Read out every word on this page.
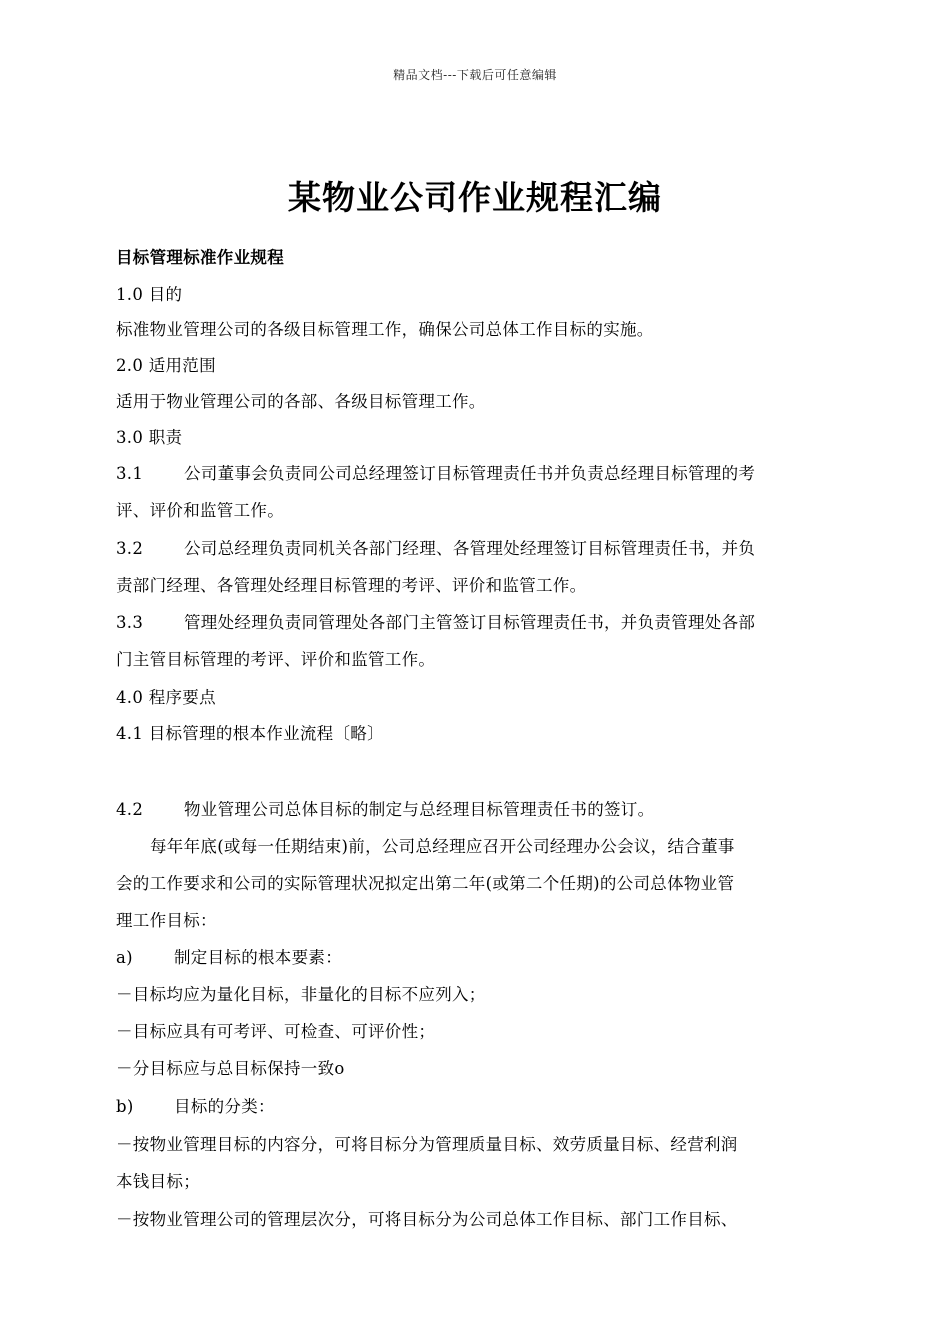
精品文档---下载后可任意编辑
某物业公司作业规程汇编
目标管理标准作业规程
1.0 目的
标准物业管理公司的各级目标管理工作，确保公司总体工作目标的实施。
2.0 适用范围
适用于物业管理公司的各部、各级目标管理工作。
3.0 职责
3.1 公司董事会负责同公司总经理签订目标管理责任书并负责总经理目标管理的考
评、评价和监管工作。
3.2 公司总经理负责同机关各部门经理、各管理处经理签订目标管理责任书，并负
责部门经理、各管理处经理目标管理的考评、评价和监管工作。
3.3 管理处经理负责同管理处各部门主管签订目标管理责任书，并负责管理处各部
门主管目标管理的考评、评价和监管工作。
4.0 程序要点
4.1 目标管理的根本作业流程〔略〕
4.2 物业管理公司总体目标的制定与总经理目标管理责任书的签订。
每年年底(或每一任期结束)前，公司总经理应召开公司经理办公会议，结合董事
会的工作要求和公司的实际管理状况拟定出第二年(或第二个任期)的公司总体物业管
理工作目标：
a) 制定目标的根本要素：
－目标均应为量化目标，非量化的目标不应列入；
－目标应具有可考评、可检查、可评价性；
－分目标应与总目标保持一致o
b) 目标的分类：
－按物业管理目标的内容分，可将目标分为管理质量目标、效劳质量目标、经营利润
本钱目标；
－按物业管理公司的管理层次分，可将目标分为公司总体工作目标、部门工作目标、
